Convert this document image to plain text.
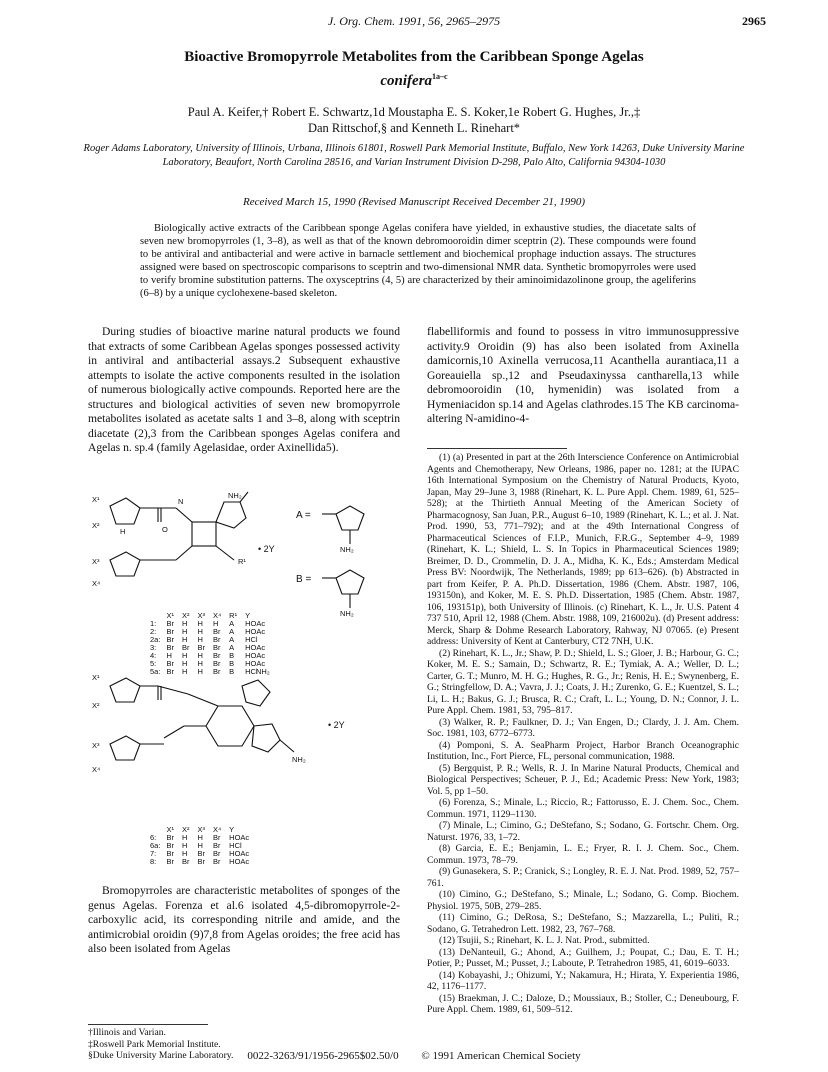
J. Org. Chem. 1991, 56, 2965–2975	2965
Bioactive Bromopyrrole Metabolites from the Caribbean Sponge Agelas
conifera$^{1a-c}$
Paul A. Keifer,† Robert E. Schwartz,1d Moustapha E. S. Koker,1e Robert G. Hughes, Jr.,‡
Dan Rittschof,§ and Kenneth L. Rinehart*
Roger Adams Laboratory, University of Illinois, Urbana, Illinois 61801, Roswell Park Memorial Institute, Buffalo, New York 14263, Duke University Marine Laboratory, Beaufort, North Carolina 28516, and Varian Instrument Division D-298, Palo Alto, California 94304-1030
Received March 15, 1990 (Revised Manuscript Received December 21, 1990)
Biologically active extracts of the Caribbean sponge Agelas conifera have yielded, in exhaustive studies, the diacetate salts of seven new bromopyrroles (1, 3–8), as well as that of the known debromooroidin dimer sceptrin (2). These compounds were found to be antiviral and antibacterial and were active in barnacle settlement and biochemical prophage induction assays. The structures assigned were based on spectroscopic comparisons to sceptrin and two-dimensional NMR data. Synthetic bromopyrroles were used to verify bromine substitution patterns. The oxysceptrins (4, 5) are characterized by their aminoimidazolinone group, the ageliferins (6–8) by a unique cyclohexene-based skeleton.

During studies of bioactive marine natural products we found that extracts of some Caribbean Agelas sponges possessed activity in antiviral and antibacterial assays.2 Subsequent exhaustive attempts to isolate the active components resulted in the isolation of numerous biologically active compounds. Reported here are the structures and biological activities of seven new bromopyrrole metabolites isolated as acetate salts 1 and 3–8, along with sceptrin diacetate (2),3 from the Caribbean sponges Agelas conifera and Agelas n. sp.4 (family Agelasidae, order Axinellida5).

X¹
X²
H	O
N
NH₂
X³
X⁴
R¹
A =
B =
NH₂
NH₂
• 2Y
	X¹	X²	X³	X⁴	R¹	Y
1:	Br	H	H	H	A	HOAc
2:	Br	H	H	Br	A	HOAc
2a:	Br	H	H	Br	A	HCl
3:	Br	Br	Br	Br	A	HOAc
4:	H	H	H	Br	B	HOAc
5:	Br	H	H	Br	B	HOAc
5a:	Br	H	H	Br	B	HCl
X¹
X²
NH₂
X³
X⁴
NH₂
• 2Y
	X¹	X²	X³	X⁴	Y
6:	Br	H	H	Br	HOAc
6a:	Br	H	H	Br	HCl
7:	Br	H	Br	Br	HOAc
8:	Br	Br	Br	Br	HOAc

Bromopyrroles are characteristic metabolites of sponges of the genus Agelas. Forenza et al.6 isolated 4,5-dibromopyrrole-2-carboxylic acid, its corresponding nitrile and amide, and the antimicrobial oroidin (9)7,8 from Agelas oroides; the free acid has also been isolated from Agelas

flabelliformis and found to possess in vitro immunosuppressive activity.9 Oroidin (9) has also been isolated from Axinella damicornis,10 Axinella verrucosa,11 Acanthella aurantiaca,11 a Goreauiella sp.,12 and Pseudaxinyssa cantharella,13 while debromooroidin (10, hymenidin) was isolated from a Hymeniacidon sp.14 and Agelas clathrodes.15 The KB carcinoma-altering N-amidino-4-

(1) (a) Presented in part at the 26th Interscience Conference on Antimicrobial Agents and Chemotherapy, New Orleans, 1986, paper no. 1281; at the IUPAC 16th International Symposium on the Chemistry of Natural Products, Kyoto, Japan, May 29–June 3, 1988 (Rinehart, K. L. Pure Appl. Chem. 1989, 61, 525–528); at the Thirtieth Annual Meeting of the American Society of Pharmacognosy, San Juan, P.R., August 6–10, 1989 (Rinehart, K. L.; et al. J. Nat. Prod. 1990, 53, 771–792); and at the 49th International Congress of Pharmaceutical Sciences of F.I.P., Munich, F.R.G., September 4–9, 1989 (Rinehart, K. L.; Shield, L. S. In Topics in Pharmaceutical Sciences 1989; Breimer, D. D., Crommelin, D. J. A., Midha, K. K., Eds.; Amsterdam Medical Press BV: Noordwijk, The Netherlands, 1989; pp 613–626). (b) Abstracted in part from Keifer, P. A. Ph.D. Dissertation, 1986 (Chem. Abstr. 1987, 106, 193150n), and Koker, M. E. S. Ph.D. Dissertation, 1985 (Chem. Abstr. 1987, 106, 193151p), both University of Illinois. (c) Rinehart, K. L., Jr. U.S. Patent 4 737 510, April 12, 1988 (Chem. Abstr. 1988, 109, 216002u). (d) Present address: Merck, Sharp & Dohme Research Laboratory, Rahway, NJ 07065. (e) Present address: University of Kent at Canterbury, CT2 7NH, U.K.

(2) Rinehart, K. L., Jr.; Shaw, P. D.; Shield, L. S.; Gloer, J. B.; Harbour, G. C.; Koker, M. E. S.; Samain, D.; Schwartz, R. E.; Tymiak, A. A.; Weller, D. L.; Carter, G. T.; Munro, M. H. G.; Hughes, R. G., Jr.; Renis, H. E.; Swynenberg, E. G.; Stringfellow, D. A.; Vavra, J. J.; Coats, J. H.; Zurenko, G. E.; Kuentzel, S. L.; Li, L. H.; Bakus, G. J.; Brusca, R. C.; Craft, L. L.; Young, D. N.; Connor, J. L. Pure Appl. Chem. 1981, 53, 795–817.

(3) Walker, R. P.; Faulkner, D. J.; Van Engen, D.; Clardy, J. J. Am. Chem. Soc. 1981, 103, 6772–6773.

(4) Pomponi, S. A. SeaPharm Project, Harbor Branch Oceanographic Institution, Inc., Fort Pierce, FL, personal communication, 1988.

(5) Bergquist, P. R.; Wells, R. J. In Marine Natural Products, Chemical and Biological Perspectives; Scheuer, P. J., Ed.; Academic Press: New York, 1983; Vol. 5, pp 1–50.

(6) Forenza, S.; Minale, L.; Riccio, R.; Fattorusso, E. J. Chem. Soc., Chem. Commun. 1971, 1129–1130.

(7) Minale, L.; Cimino, G.; DeStefano, S.; Sodano, G. Fortschr. Chem. Org. Naturst. 1976, 33, 1–72.

(8) Garcia, E. E.; Benjamin, L. E.; Fryer, R. I. J. Chem. Soc., Chem. Commun. 1973, 78–79.

(9) Gunasekera, S. P.; Cranick, S.; Longley, R. E. J. Nat. Prod. 1989, 52, 757–761.

(10) Cimino, G.; DeStefano, S.; Minale, L.; Sodano, G. Comp. Biochem. Physiol. 1975, 50B, 279–285.

(11) Cimino, G.; DeRosa, S.; DeStefano, S.; Mazzarella, L.; Puliti, R.; Sodano, G. Tetrahedron Lett. 1982, 23, 767–768.

(12) Tsujii, S.; Rinehart, K. L. J. Nat. Prod., submitted.

(13) DeNanteuil, G.; Ahond, A.; Guilhem, J.; Poupat, C.; Dau, E. T. H.; Potier, P.; Pusset, M.; Pusset, J.; Laboute, P. Tetrahedron 1985, 41, 6019–6033.

(14) Kobayashi, J.; Ohizumi, Y.; Nakamura, H.; Hirata, Y. Experientia 1986, 42, 1176–1177.

(15) Braekman, J. C.; Daloze, D.; Moussiaux, B.; Stoller, C.; Deneubourg, F. Pure Appl. Chem. 1989, 61, 509–512.

†Illinois and Varian.
‡Roswell Park Memorial Institute.
§Duke University Marine Laboratory.	0022-3263/91/1956-2965$02.50/0 © 1991 American Chemical Society
